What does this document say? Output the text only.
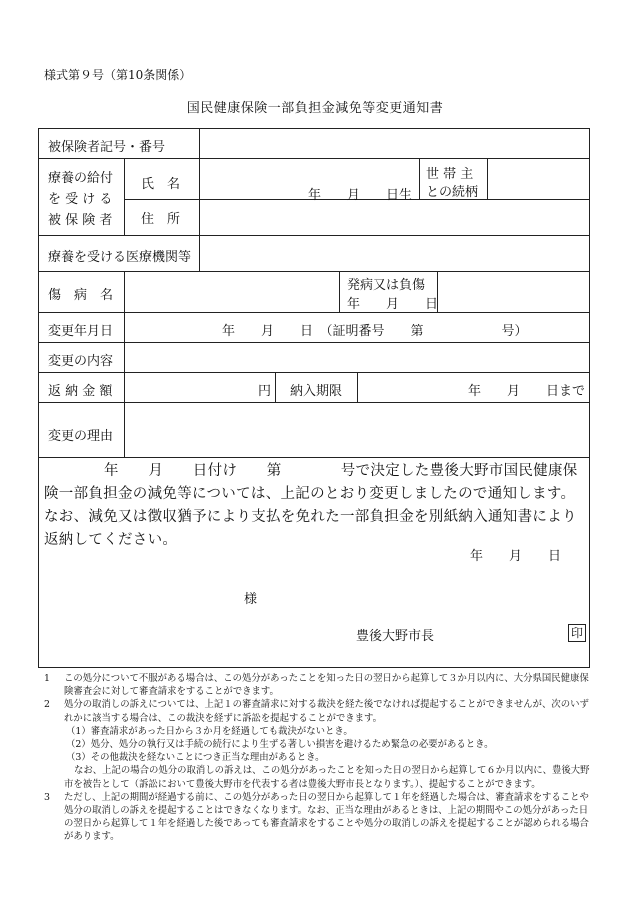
様式第９号（第10条関係）
国民健康保険一部負担金減免等変更通知書
被保険者記号・番号
療養の給付
を 受 け る
被 保 険 者
氏　名
年　　月　　日生
世 帯 主
との続柄
住　所
療養を受ける医療機関等
傷　病　名
発病又は負傷
年　　月　　日
変更年月日	年　　月　　日　（証明番号　　第　　　　　　号）
変更の内容
返 納 金 額	円 納入期限	年　　月　　日まで
変更の理由
年　　月　　日付け　　第　　　　号で決定した豊後大野市国民健康保険一部負担金の減免等については、上記のとおり変更しましたので通知します。なお、減免又は徴収猶予により支払を免れた一部負担金を別紙納入通知書により返納してください。
年　　月　　日
様
豊後大野市長	印
1 この処分について不服がある場合は、この処分があったことを知った日の翌日から起算して３か月以内に、大分県国民健康保険審査会に対して審査請求をすることができます。
2 処分の取消しの訴えについては、上記１の審査請求に対する裁決を経た後でなければ提起することができませんが、次のいずれかに該当する場合は、この裁決を経ずに訴訟を提起することができます。
（1）審査請求があった日から３か月を経過しても裁決がないとき。
（2）処分、処分の執行又は手続の続行により生ずる著しい損害を避けるため緊急の必要があるとき。
（3）その他裁決を経ないことにつき正当な理由があるとき。
なお、上記の場合の処分の取消しの訴えは、この処分があったことを知った日の翌日から起算して６か月以内に、豊後大野市を被告として（訴訟において豊後大野市を代表する者は豊後大野市長となります。）、提起することができます。
3 ただし、上記の期間が経過する前に、この処分があった日の翌日から起算して１年を経過した場合は、審査請求をすることや処分の取消しの訴えを提起することはできなくなります。なお、正当な理由があるときは、上記の期間やこの処分があった日の翌日から起算して１年を経過した後であっても審査請求をすることや処分の取消しの訴えを提起することが認められる場合があります。
